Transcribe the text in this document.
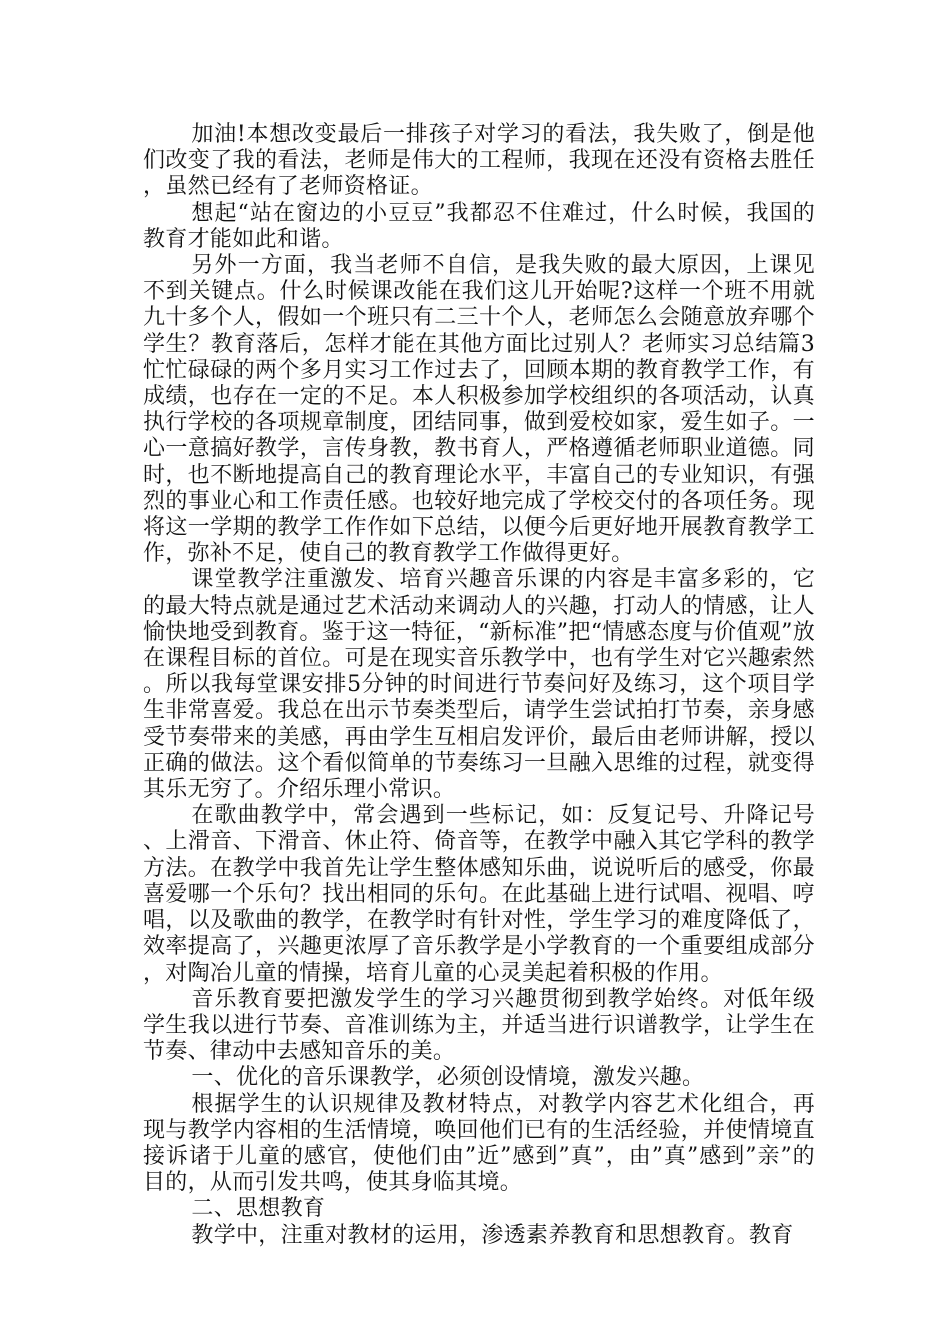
加油!本想改变最后一排孩子对学习的看法，我失败了，倒是他们改变了我的看法，老师是伟大的工程师，我现在还没有资格去胜任，虽然已经有了老师资格证。

想起“站在窗边的小豆豆”我都忍不住难过，什么时候，我国的教育才能如此和谐。

另外一方面，我当老师不自信，是我失败的最大原因，上课见不到关键点。什么时候课改能在我们这儿开始呢?这样一个班不用就九十多个人，假如一个班只有二三十个人，老师怎么会随意放弃哪个学生？教育落后，怎样才能在其他方面比过别人？老师实习总结篇3忙忙碌碌的两个多月实习工作过去了，回顾本期的教育教学工作，有成绩，也存在一定的不足。本人积极参加学校组织的各项活动，认真执行学校的各项规章制度，团结同事，做到爱校如家，爱生如子。一心一意搞好教学，言传身教，教书育人，严格遵循老师职业道德。同时，也不断地提高自己的教育理论水平，丰富自己的专业知识，有强烈的事业心和工作责任感。也较好地完成了学校交付的各项任务。现将这一学期的教学工作作如下总结，以便今后更好地开展教育教学工作，弥补不足，使自己的教育教学工作做得更好。

课堂教学注重激发、培育兴趣音乐课的内容是丰富多彩的，它的最大特点就是通过艺术活动来调动人的兴趣，打动人的情感，让人愉快地受到教育。鉴于这一特征，“新标准”把“情感态度与价值观”放在课程目标的首位。可是在现实音乐教学中，也有学生对它兴趣索然。所以我每堂课安排5分钟的时间进行节奏问好及练习，这个项目学生非常喜爱。我总在出示节奏类型后，请学生尝试拍打节奏，亲身感受节奏带来的美感，再由学生互相启发评价，最后由老师讲解，授以正确的做法。这个看似简单的节奏练习一旦融入思维的过程，就变得其乐无穷了。介绍乐理小常识。

在歌曲教学中，常会遇到一些标记，如：反复记号、升降记号、上滑音、下滑音、休止符、倚音等，在教学中融入其它学科的教学方法。在教学中我首先让学生整体感知乐曲，说说听后的感受，你最喜爱哪一个乐句？找出相同的乐句。在此基础上进行试唱、视唱、哼唱，以及歌曲的教学，在教学时有针对性，学生学习的难度降低了，效率提高了，兴趣更浓厚了音乐教学是小学教育的一个重要组成部分，对陶冶儿童的情操，培育儿童的心灵美起着积极的作用。

音乐教育要把激发学生的学习兴趣贯彻到教学始终。对低年级学生我以进行节奏、音准训练为主，并适当进行识谱教学，让学生在节奏、律动中去感知音乐的美。

一、优化的音乐课教学，必须创设情境，激发兴趣。

根据学生的认识规律及教材特点，对教学内容艺术化组合，再现与教学内容相的生活情境，唤回他们已有的生活经验，并使情境直接诉诸于儿童的感官，使他们由”近”感到”真”，由”真”感到”亲”的目的，从而引发共鸣，使其身临其境。

二、思想教育

教学中，注重对教材的运用，渗透素养教育和思想教育。教育
